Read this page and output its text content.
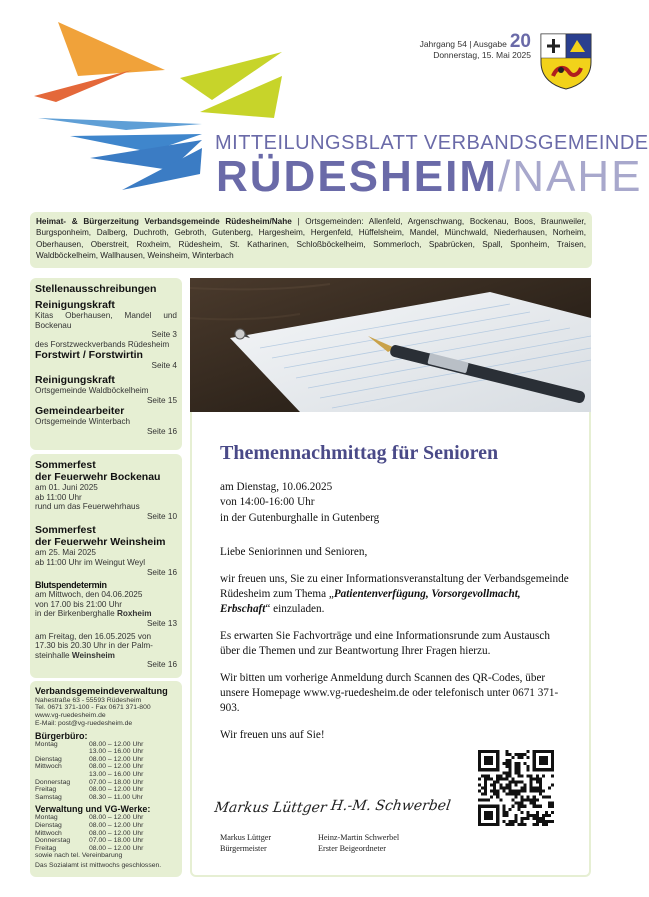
Jahrgang 54 | Ausgabe 20
Donnerstag, 15. Mai 2025
MITTEILUNGSBLATT VERBANDSGEMEINDE
RÜDESHEIM/NAHE
Heimat- & Bürgerzeitung Verbandsgemeinde Rüdesheim/Nahe | Ortsgemeinden: Allenfeld, Argenschwang, Bockenau, Boos, Braunweiler, Burgsponheim, Dalberg, Duchroth, Gebroth, Gutenberg, Hargesheim, Hergenfeld, Hüffelsheim, Mandel, Münchwald, Niederhausen, Norheim, Oberhausen, Oberstreit, Roxheim, Rüdesheim, St. Katharinen, Schloßböckelheim, Sommerloch, Spabrücken, Spall, Sponheim, Traisen, Waldböckelheim, Wallhausen, Weinsheim, Winterbach
Stellenausschreibungen
Reinigungskraft
Kitas Oberhausen, Mandel und Bockenau
Seite 3
des Forstzweckverbands Rüdesheim
Forstwirt / Forstwirtin
Seite 4
Reinigungskraft
Ortsgemeinde Waldböckelheim
Seite 15
Gemeindearbeiter
Ortsgemeinde Winterbach
Seite 16
Sommerfest
der Feuerwehr Bockenau
am 01. Juni 2025
ab 11:00 Uhr
rund um das Feuerwehrhaus
Seite 10
Sommerfest
der Feuerwehr Weinsheim
am 25. Mai 2025
ab 11:00 Uhr im Weingut Weyl
Seite 16
Blutspendetermin
am Mittwoch, den 04.06.2025
von 17.00 bis 21:00 Uhr
in der Birkenberghalle Roxheim
Seite 13
am Freitag, den 16.05.2025 von
17.30 bis 20.30 Uhr in der Palm-
steinhalle Weinsheim
Seite 16
Verbandsgemeindeverwaltung
Nahestraße 63 - 55593 Rüdesheim
Tel. 0671 371-100 - Fax 0671 371-800
www.vg-ruedesheim.de
E-Mail: post@vg-ruedesheim.de
Bürgerbüro:
Montag	08.00 – 12.00 Uhr
13.00 – 16.00 Uhr
Dienstag	08.00 – 12.00 Uhr
Mittwoch	08.00 – 12.00 Uhr
13.00 – 16.00 Uhr
Donnerstag	07.00 – 18.00 Uhr
Freitag	08.00 – 12.00 Uhr
Samstag	08.30 – 11.00 Uhr
Verwaltung und VG-Werke:
Montag	08.00 – 12.00 Uhr
Dienstag	08.00 – 12.00 Uhr
Mittwoch	08.00 – 12.00 Uhr
Donnerstag	07.00 – 18.00 Uhr
Freitag	08.00 – 12.00 Uhr
sowie nach tel. Vereinbarung
Das Sozialamt ist mittwochs geschlossen.
Themennachmittag für Senioren

am Dienstag, 10.06.2025
von 14:00-16:00 Uhr
in der Gutenburghalle in Gutenberg

Liebe Seniorinnen und Senioren,

wir freuen uns, Sie zu einer Informationsveranstaltung der Verbandsgemeinde Rüdesheim zum Thema „Patientenverfügung, Vorsorgevollmacht, Erbschaft“ einzuladen.

Es erwarten Sie Fachvorträge und eine Informationsrunde zum Austausch über die Themen und zur Beantwortung Ihrer Fragen hierzu.

Wir bitten um vorherige Anmeldung durch Scannen des QR-Codes, über unsere Homepage www.vg-ruedesheim.de oder telefonisch unter 0671 371- 903.

Wir freuen uns auf Sie!

Markus Lüttger H.-M. Schwerbel
Markus Lüttger
Bürgermeister
Heinz-Martin Schwerbel
Erster Beigeordneter
